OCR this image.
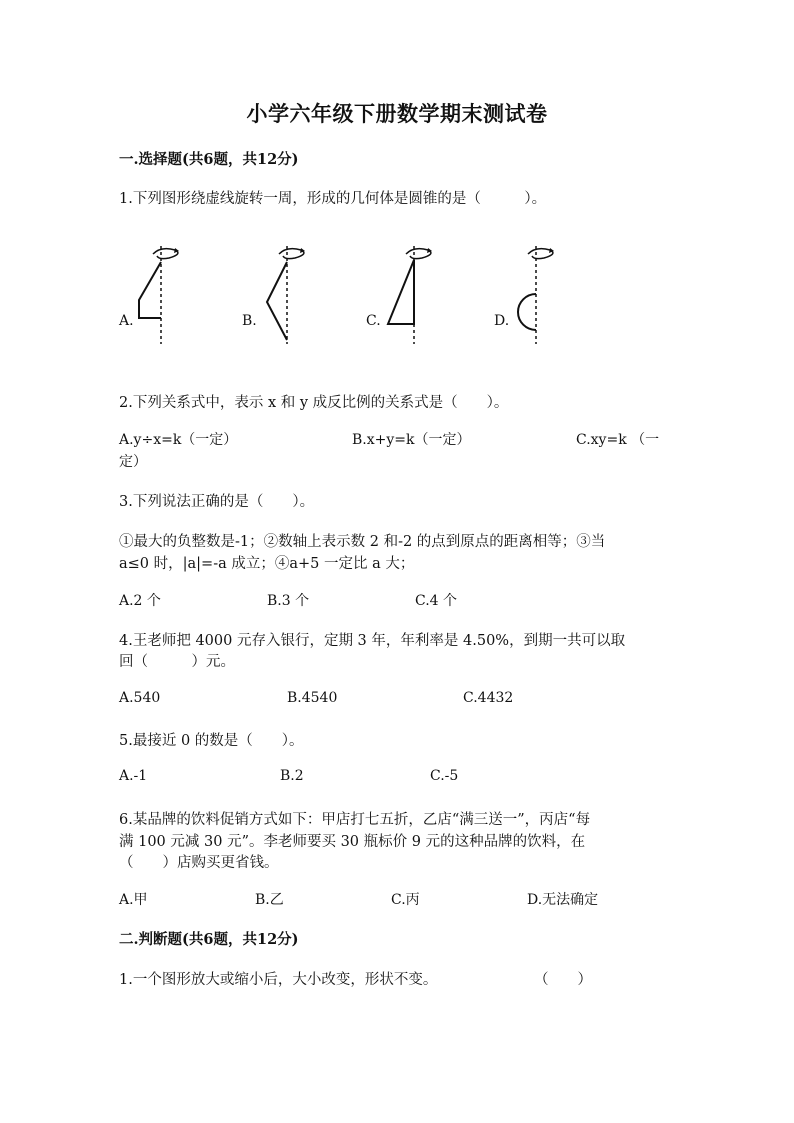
小学六年级下册数学期末测试卷
一.选择题(共6题，共12分)
1.下列图形绕虚线旋转一周，形成的几何体是圆锥的是（　　　）。
A.	B.	C.	D.
2.下列关系式中，表示 x 和 y 成反比例的关系式是（　　）。
A.y÷x=k（一定）	B.x+y=k（一定）	C.xy=k （一
定）
3.下列说法正确的是（　　）。
①最大的负整数是-1；②数轴上表示数 2 和-2 的点到原点的距离相等；③当
a≤0 时，|a|=-a 成立；④a+5 一定比 a 大；
A.2 个	B.3 个	C.4 个
4.王老师把 4000 元存入银行，定期 3 年，年利率是 4.50%，到期一共可以取
回（　　　）元。
A.540	B.4540	C.4432
5.最接近 0 的数是（　　）。
A.-1	B.2	C.-5
6.某品牌的饮料促销方式如下：甲店打七五折，乙店“满三送一”，丙店“每
满 100 元减 30 元”。李老师要买 30 瓶标价 9 元的这种品牌的饮料，在
（　　）店购买更省钱。
A.甲	B.乙	C.丙	D.无法确定
二.判断题(共6题，共12分)
1.一个图形放大或缩小后，大小改变，形状不变。	（　　）
